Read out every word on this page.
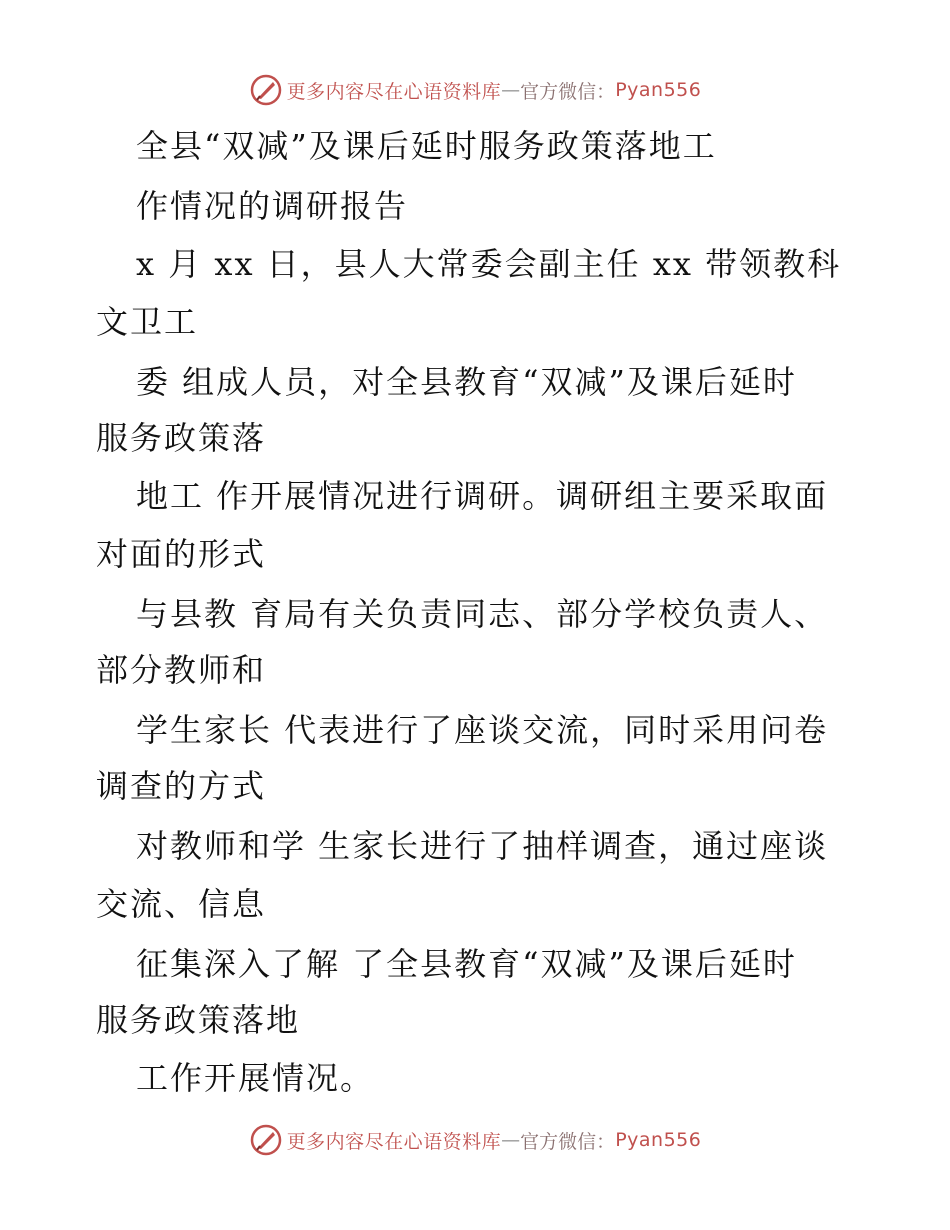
更多内容尽在心语资料库 — 官方微信： Pyan556
全县“双减”及课后延时服务政策落地工
作情况的调研报告
x 月 xx 日，县人大常委会副主任 xx 带领教科
文卫工
委 组成人员，对全县教育“双减”及课后延时
服务政策落
地工 作开展情况进行调研。调研组主要采取面
对面的形式
与县教 育局有关负责同志、部分学校负责人、
部分教师和
学生家长 代表进行了座谈交流，同时采用问卷
调查的方式
对教师和学 生家长进行了抽样调查，通过座谈
交流、信息
征集深入了解 了全县教育“双减”及课后延时
服务政策落地
工作开展情况。
更多内容尽在心语资料库 — 官方微信： Pyan556
